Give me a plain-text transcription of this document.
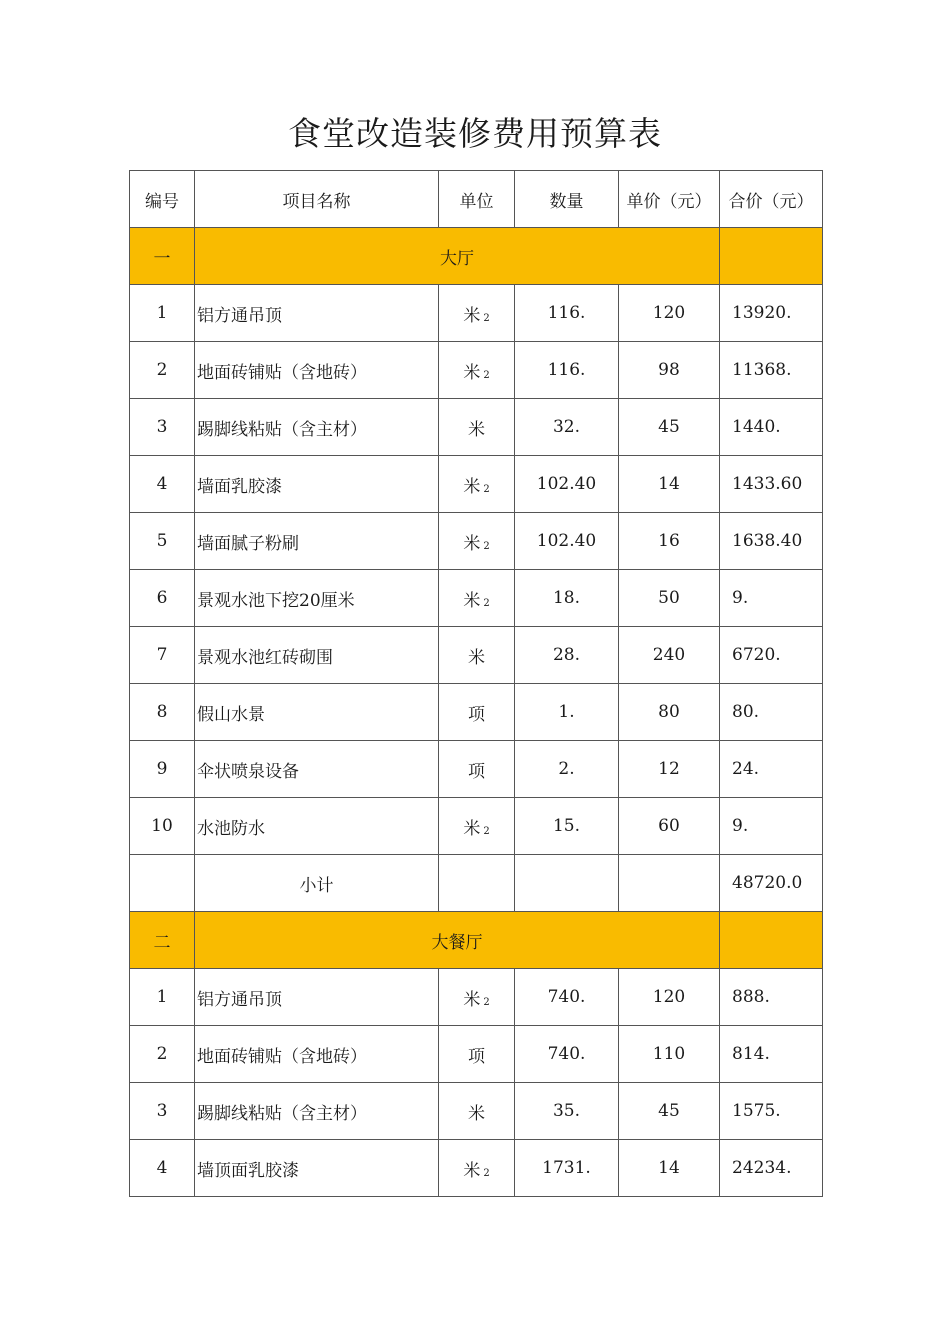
食堂改造装修费用预算表
编号	项目名称	单位	数量	单价（元）	合价（元）
一	大厅				
1	铝方通吊顶	米 2	116.	120	13920.
2	地面砖铺贴（含地砖）	米 2	116.	98	11368.
3	踢脚线粘贴（含主材）	米	32.	45	1440.
4	墙面乳胶漆	米 2	102.40	14	1433.60
5	墙面腻子粉刷	米 2	102.40	16	1638.40
6	景观水池下挖20厘米	米 2	18.	50	9.
7	景观水池红砖砌围	米	28.	240	6720.
8	假山水景	项	1.	80	80.
9	伞状喷泉设备	项	2.	12	24.
10	水池防水	米 2	15.	60	9.
	小计				48720.0
二	大餐厅				
1	铝方通吊顶	米 2	740.	120	888.
2	地面砖铺贴（含地砖）	项	740.	110	814.
3	踢脚线粘贴（含主材）	米	35.	45	1575.
4	墙顶面乳胶漆	米 2	1731.	14	24234.
